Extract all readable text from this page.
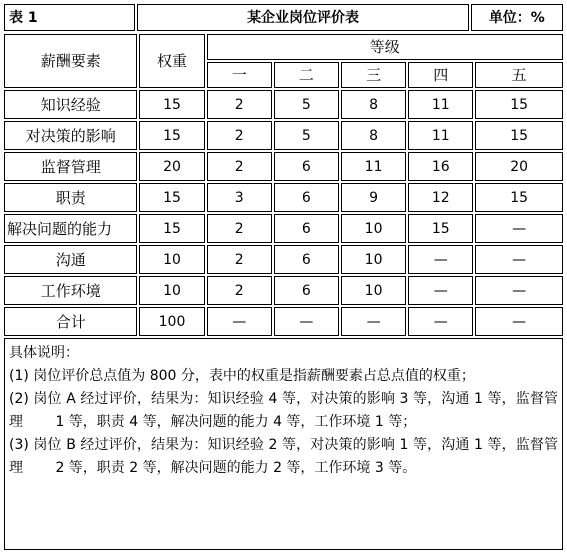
表 1	某企业岗位评价表	单位：%
薪酬要素	权重	等级				
		一	二	三	四	五
知识经验	15	2	5	8	11	15
对决策的影响	15	2	5	8	11	15
监督管理	20	2	6	11	16	20
职责	15	3	6	9	12	15
解决问题的能力	15	2	6	10	15	—
沟通	10	2	6	10	—	—
工作环境	10	2	6	10	—	—
合计	100	—	—	—	—	—

具体说明：

(1) 岗位评价总点值为 800 分，表中的权重是指薪酬要素占总点值的权重；

(2) 岗位 A 经过评价，结果为：知识经验 4 等，对决策的影响 3 等，沟通 1 等，监督管理　　 1 等，职责 4 等，解决问题的能力 4 等，工作环境 1 等；

(3) 岗位 B 经过评价，结果为：知识经验 2 等，对决策的影响 1 等，沟通 1 等，监督管理　　 2 等，职责 2 等，解决问题的能力 2 等，工作环境 3 等。						
